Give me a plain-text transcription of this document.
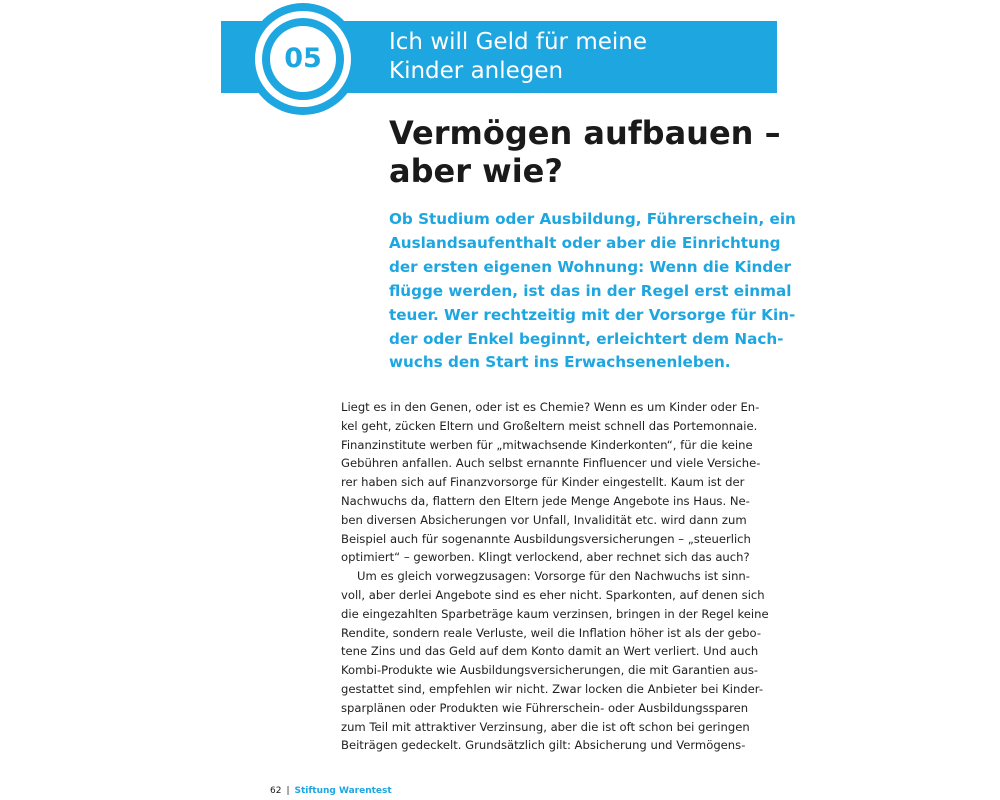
05
Ich will Geld für meine
Kinder anlegen
Vermögen aufbauen –
aber wie?
Ob Studium oder Ausbildung, Führerschein, ein
Auslandsaufenthalt oder aber die Einrichtung
der ersten eigenen Wohnung: Wenn die Kinder
flügge werden, ist das in der Regel erst einmal
teuer. Wer rechtzeitig mit der Vorsorge für Kin-
der oder Enkel beginnt, erleichtert dem Nach-
wuchs den Start ins Erwachsenenleben.
Liegt es in den Genen, oder ist es Chemie? Wenn es um Kinder oder En-
kel geht, zücken Eltern und Großeltern meist schnell das Portemonnaie.
Finanzinstitute werben für „mitwachsende Kinderkonten“, für die keine
Gebühren anfallen. Auch selbst ernannte Finfluencer und viele Versiche-
rer haben sich auf Finanzvorsorge für Kinder eingestellt. Kaum ist der
Nachwuchs da, flattern den Eltern jede Menge Angebote ins Haus. Ne-
ben diversen Absicherungen vor Unfall, Invalidität etc. wird dann zum
Beispiel auch für sogenannte Ausbildungsversicherungen – „steuerlich
optimiert“ – geworben. Klingt verlockend, aber rechnet sich das auch?
Um es gleich vorwegzusagen: Vorsorge für den Nachwuchs ist sinn-
voll, aber derlei Angebote sind es eher nicht. Sparkonten, auf denen sich
die eingezahlten Sparbeträge kaum verzinsen, bringen in der Regel keine
Rendite, sondern reale Verluste, weil die Inflation höher ist als der gebo-
tene Zins und das Geld auf dem Konto damit an Wert verliert. Und auch
Kombi-Produkte wie Ausbildungsversicherungen, die mit Garantien aus-
gestattet sind, empfehlen wir nicht. Zwar locken die Anbieter bei Kinder-
sparplänen oder Produkten wie Führerschein- oder Ausbildungssparen
zum Teil mit attraktiver Verzinsung, aber die ist oft schon bei geringen
Beiträgen gedeckelt. Grundsätzlich gilt: Absicherung und Vermögens-
62 | Stiftung Warentest
